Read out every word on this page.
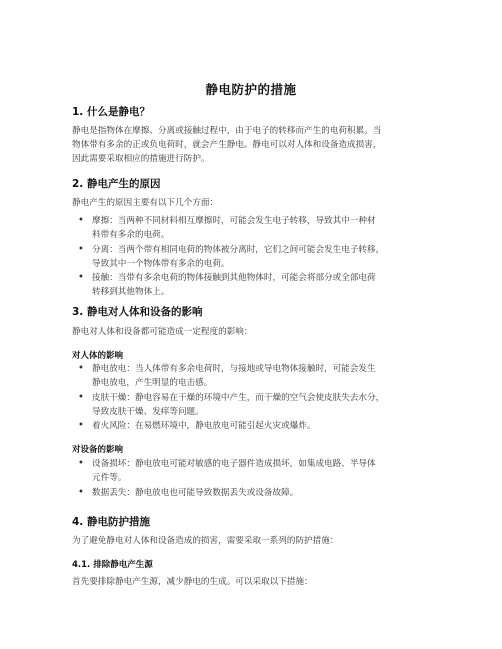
静电防护的措施
1. 什么是静电？
静电是指物体在摩擦、分离或接触过程中，由于电子的转移而产生的电荷积累。当
物体带有多余的正或负电荷时，就会产生静电。静电可以对人体和设备造成损害，
因此需要采取相应的措施进行防护。
2. 静电产生的原因
静电产生的原因主要有以下几个方面：
• 摩擦：当两种不同材料相互摩擦时，可能会发生电子转移，导致其中一种材
料带有多余的电荷。
• 分离：当两个带有相同电荷的物体被分离时，它们之间可能会发生电子转移，
导致其中一个物体带有多余的电荷。
• 接触：当带有多余电荷的物体接触到其他物体时，可能会将部分或全部电荷
转移到其他物体上。
3. 静电对人体和设备的影响
静电对人体和设备都可能造成一定程度的影响：
对人体的影响
• 静电放电：当人体带有多余电荷时，与接地或导电物体接触时，可能会发生
静电放电，产生明显的电击感。
• 皮肤干燥：静电容易在干燥的环境中产生，而干燥的空气会使皮肤失去水分，
导致皮肤干燥、发痒等问题。
• 着火风险：在易燃环境中，静电放电可能引起火灾或爆炸。
对设备的影响
• 设备损坏：静电放电可能对敏感的电子器件造成损坏，如集成电路、半导体
元件等。
• 数据丢失：静电放电也可能导致数据丢失或设备故障。
4. 静电防护措施
为了避免静电对人体和设备造成的损害，需要采取一系列的防护措施：
4.1. 排除静电产生源
首先要排除静电产生源，减少静电的生成。可以采取以下措施：
